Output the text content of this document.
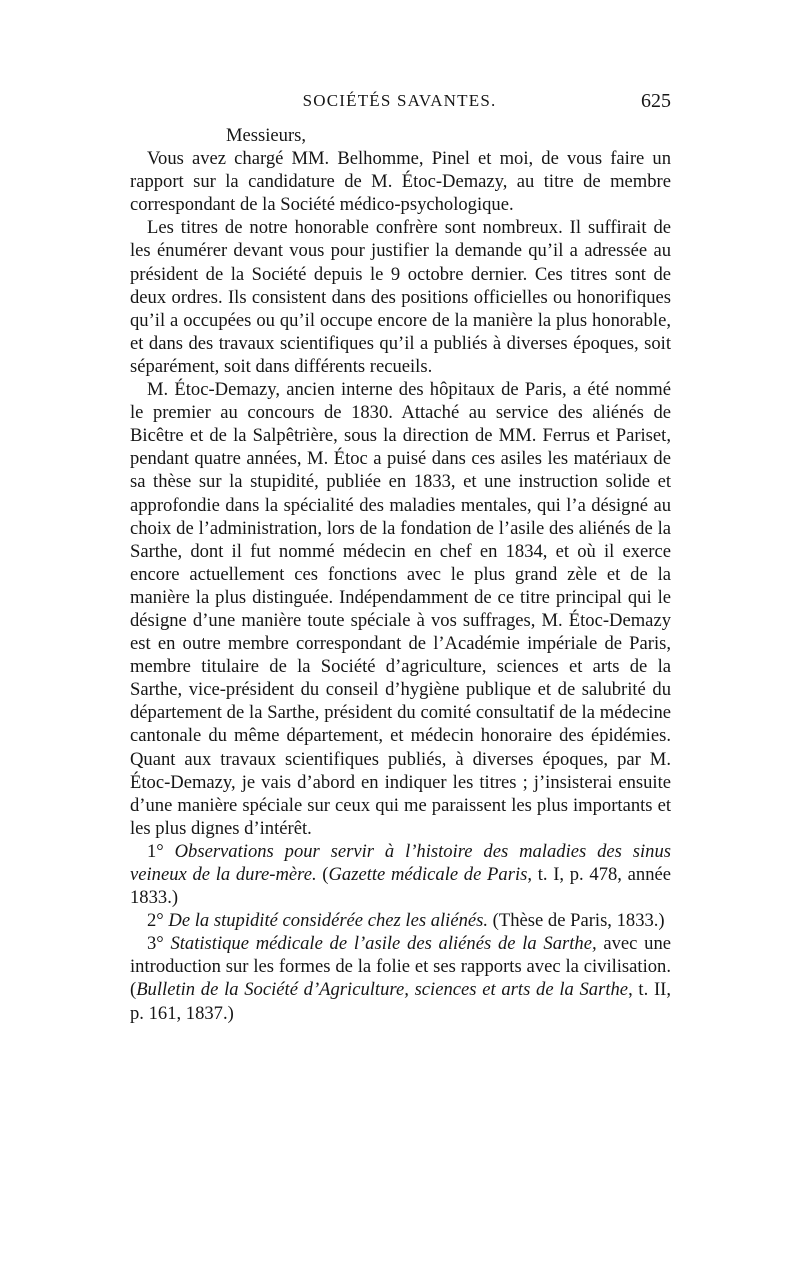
SOCIÉTÉS SAVANTES.	625

Messieurs,

Vous avez chargé MM. Belhomme, Pinel et moi, de vous faire un rapport sur la candidature de M. Étoc-Demazy, au titre de membre correspondant de la Société médico-psychologique.

Les titres de notre honorable confrère sont nombreux. Il suffirait de les énumérer devant vous pour justifier la demande qu’il a adressée au président de la Société depuis le 9 octobre dernier. Ces titres sont de deux ordres. Ils consistent dans des positions officielles ou honorifiques qu’il a occupées ou qu’il occupe encore de la manière la plus honorable, et dans des travaux scientifiques qu’il a publiés à diverses époques, soit séparément, soit dans différents recueils.

M. Étoc-Demazy, ancien interne des hôpitaux de Paris, a été nommé le premier au concours de 1830. Attaché au service des aliénés de Bicêtre et de la Salpêtrière, sous la direction de MM. Ferrus et Pariset, pendant quatre années, M. Étoc a puisé dans ces asiles les matériaux de sa thèse sur la stupidité, publiée en 1833, et une instruction solide et approfondie dans la spécialité des maladies mentales, qui l’a désigné au choix de l’administration, lors de la fondation de l’asile des aliénés de la Sarthe, dont il fut nommé médecin en chef en 1834, et où il exerce encore actuellement ces fonctions avec le plus grand zèle et de la manière la plus distinguée. Indépendamment de ce titre principal qui le désigne d’une manière toute spéciale à vos suffrages, M. Étoc-Demazy est en outre membre correspondant de l’Académie impériale de Paris, membre titulaire de la Société d’agriculture, sciences et arts de la Sarthe, vice-président du conseil d’hygiène publique et de salubrité du département de la Sarthe, président du comité consultatif de la médecine cantonale du même département, et médecin honoraire des épidémies. Quant aux travaux scientifiques publiés, à diverses époques, par M. Étoc-Demazy, je vais d’abord en indiquer les titres ; j’insisterai ensuite d’une manière spéciale sur ceux qui me paraissent les plus importants et les plus dignes d’intérêt.

1° Observations pour servir à l’histoire des maladies des sinus veineux de la dure-mère. (Gazette médicale de Paris, t. I, p. 478, année 1833.)

2° De la stupidité considérée chez les aliénés. (Thèse de Paris, 1833.)

3° Statistique médicale de l’asile des aliénés de la Sarthe, avec une introduction sur les formes de la folie et ses rapports avec la civilisation. (Bulletin de la Société d’Agriculture, sciences et arts de la Sarthe, t. II, p. 161, 1837.)
